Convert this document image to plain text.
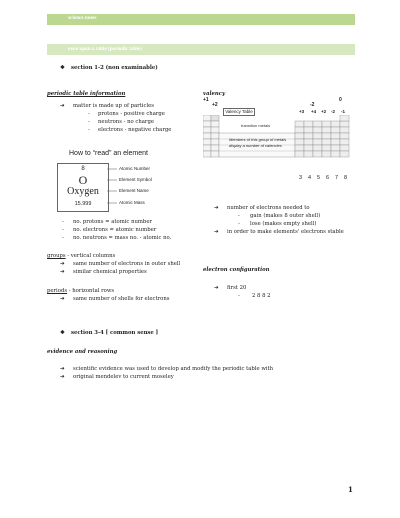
science notes
once upon a table (periodic table)
❖ section 1-2 (non examinable)
periodic table information
➔ matter is made up of particles
- protons - positive charge
- neutrons - no charge
- electrons - negative charge
How to “read” an element
8
O
Oxygen
15.999
Atomic Number
Element Symbol
Element Name
Atomic Mass
- no. protons = atomic number
- no. electrons = atomic number
- no. neutrons = mass no. - atomic no.
groups - vertical columns
➔ same number of electrons in outer shell
➔ similar chemical properties
periods - horizontal rows
➔ same number of shells for electrons
valency
+1
+2
0
-2
+3 +4 +2 -2 -1
Valency Table
transition metals
Members of this group of metals
display a number of valencies
3 4 5 6 7 8
➔ number of electrons needed to
- gain (makes 8 outer shell)
- lose (makes empty shell)
➔ in order to make elements' electrons stable
electron configuration
➔ first 20
- 2 8 8 2
❖ section 3-4 [ common sense ]
evidence and reasoning
➔ scientific evidence was used to develop and modify the periodic table with
➔ original mendelev to current moseley
1
